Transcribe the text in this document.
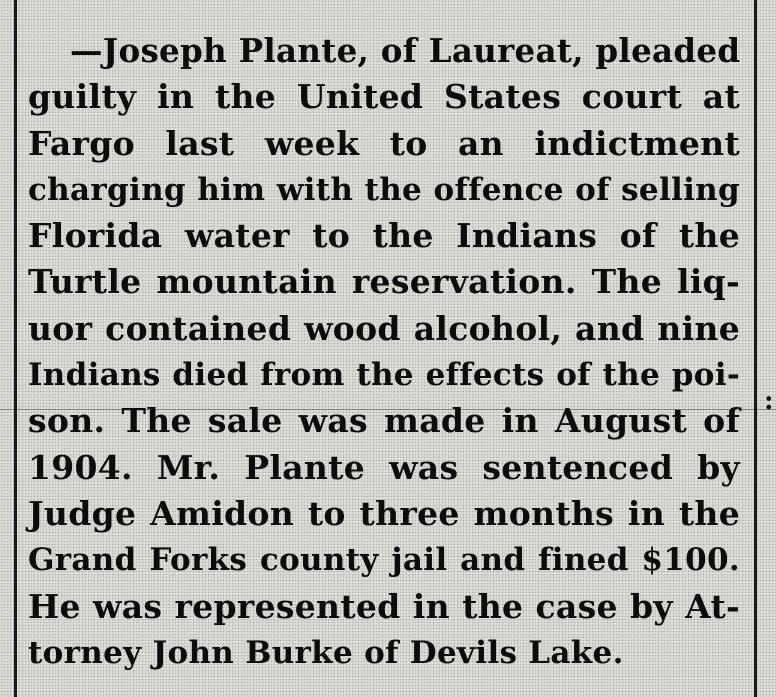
:

—Joseph Plante, of Laureat, pleaded
guilty in the United States court at
Fargo last week to an indictment
charging him with the offence of selling
Florida water to the Indians of the
Turtle mountain reservation. The liq-
uor contained wood alcohol, and nine
Indians died from the effects of the poi-
son. The sale was made in August of
1904. Mr. Plante was sentenced by
Judge Amidon to three months in the
Grand Forks county jail and fined $100.
He was represented in the case by At-
torney John Burke of Devils Lake.
